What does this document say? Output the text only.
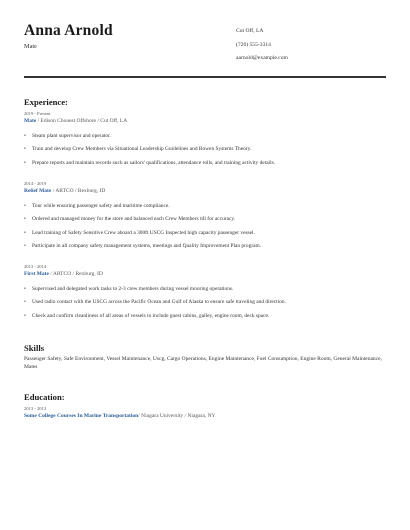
Anna Arnold
Mate
Cut Off, LA
(720) 555-3314
aarnold@example.com
Experience:
2019 - Present
Mate / Edison Chouest Offshore / Cut Off, LA
• Steam plant supervisor and operator.
• Train and develop Crew Members via Situational Leadership Guidelines and Bowen Systems Theory.
• Prepare reports and maintain records such as sailors' qualifications, attendance rolls, and training activity details.
2014 - 2019
Relief Mate / ARTCO / Rexburg, ID
• Tour while ensuring passenger safety and maritime compliance.
• Ordered and managed money for the store and balanced each Crew Members till for accuracy.
• Lead training of Safety Sensitive Crew aboard a 300ft USCG Inspected high capacity passenger vessel.
• Participate in all company safety management systems, meetings and Quality Improvement Plan program.
2013 - 2014
First Mate / ARTCO / Rexburg, ID
• Supervised and delegated work tasks to 2-3 crew members during vessel mooring operations.
• Used radio contact with the USCG across the Pacific Ocean and Gulf of Alaska to ensure safe traveling and direction.
• Check and confirm cleanliness of all areas of vessels to include guest cabins, galley, engine room, deck space.
Skills
Passenger Safety, Safe Environment, Vessel Maintenance, Uscg, Cargo Operations, Engine Maintenance, Fuel Consumption, Engine Room, General Maintenance, Mates
Education:
2013 - 2013
Some College Courses In Marine Transportation/ Niagara University / Niagara, NY
